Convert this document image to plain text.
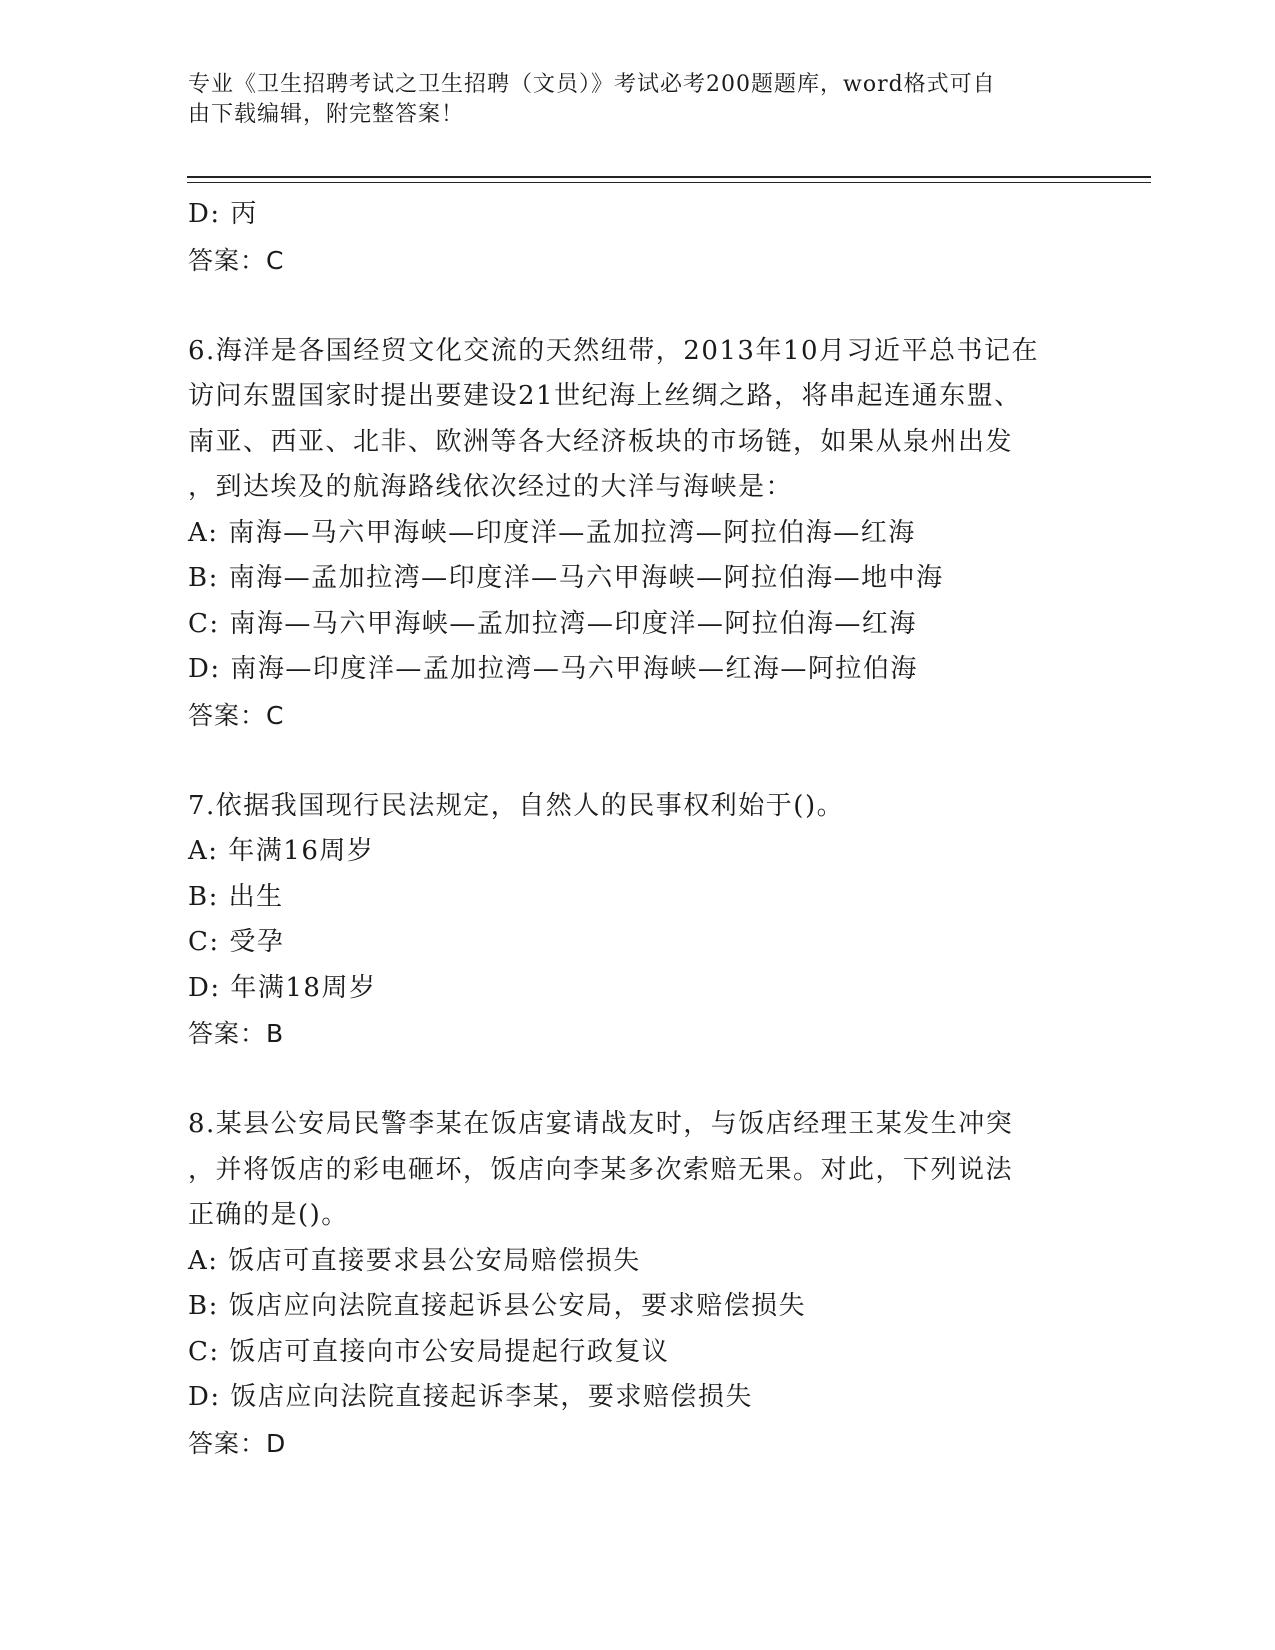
专业《卫生招聘考试之卫生招聘（文员）》考试必考200题题库，word格式可自
由下载编辑，附完整答案！
D: 丙
答案：C
6.海洋是各国经贸文化交流的天然纽带，2013年10月习近平总书记在
访问东盟国家时提出要建设21世纪海上丝绸之路，将串起连通东盟、
南亚、西亚、北非、欧洲等各大经济板块的市场链，如果从泉州出发
，到达埃及的航海路线依次经过的大洋与海峡是：
A: 南海—马六甲海峡—印度洋—孟加拉湾—阿拉伯海—红海
B: 南海—孟加拉湾—印度洋—马六甲海峡—阿拉伯海—地中海
C: 南海—马六甲海峡—孟加拉湾—印度洋—阿拉伯海—红海
D: 南海—印度洋—孟加拉湾—马六甲海峡—红海—阿拉伯海
答案：C
7.依据我国现行民法规定，自然人的民事权利始于()。
A: 年满16周岁
B: 出生
C: 受孕
D: 年满18周岁
答案：B
8.某县公安局民警李某在饭店宴请战友时，与饭店经理王某发生冲突
，并将饭店的彩电砸坏，饭店向李某多次索赔无果。对此，下列说法
正确的是()。
A: 饭店可直接要求县公安局赔偿损失
B: 饭店应向法院直接起诉县公安局，要求赔偿损失
C: 饭店可直接向市公安局提起行政复议
D: 饭店应向法院直接起诉李某，要求赔偿损失
答案：D
